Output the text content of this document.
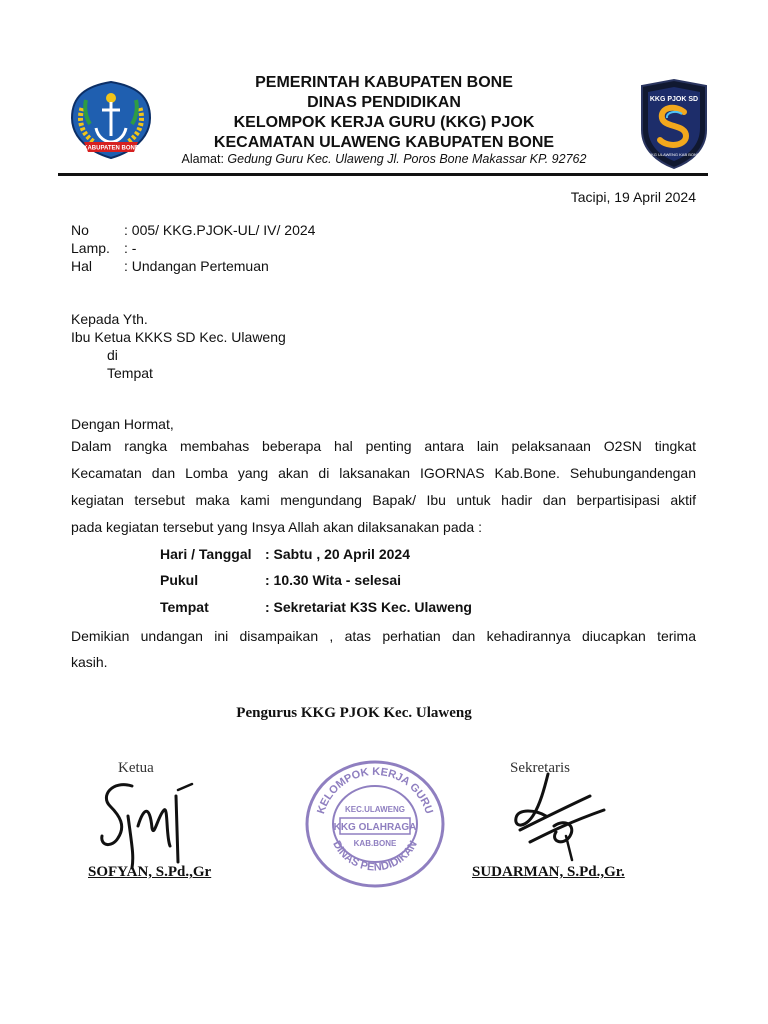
KABUPATEN BONE
KKG PJOK SD
KKG ULAWENG KAB BONE
PEMERINTAH KABUPATEN BONE
DINAS PENDIDIKAN
KELOMPOK KERJA GURU (KKG) PJOK
KECAMATAN ULAWENG KABUPATEN BONE
Alamat: Gedung Guru Kec. Ulaweng Jl. Poros Bone Makassar KP. 92762
Tacipi, 19 April 2024
No	: 005/ KKG.PJOK-UL/ IV/ 2024
Lamp. : -
Hal : Undangan Pertemuan
Kepada Yth.
Ibu Ketua KKKS SD Kec. Ulaweng
di
Tempat
Dengan Hormat,
Dalam rangka membahas beberapa hal penting antara lain pelaksanaan O2SN tingkat
Kecamatan dan Lomba yang akan di laksanakan IGORNAS Kab.Bone. Sehubungandengan
kegiatan tersebut maka kami mengundang Bapak/ Ibu untuk hadir dan berpartisipasi aktif
pada kegiatan tersebut yang Insya Allah akan dilaksanakan pada :
Hari / Tanggal : Sabtu , 20 April 2024
Pukul	: 10.30 Wita - selesai
Tempat	: Sekretariat K3S Kec. Ulaweng
Demikian undangan ini disampaikan , atas perhatian dan kehadirannya diucapkan terima
kasih.
Pengurus KKG PJOK Kec. Ulaweng
Ketua	Sekretaris
SOFYAN, S.Pd.,Gr	SUDARMAN, S.Pd.,Gr.
KELOMPOK KERJA GURU
DINAS PENDIDIKAN
KEC.ULAWENG
KKG OLAHRAGA
KAB.BONE
